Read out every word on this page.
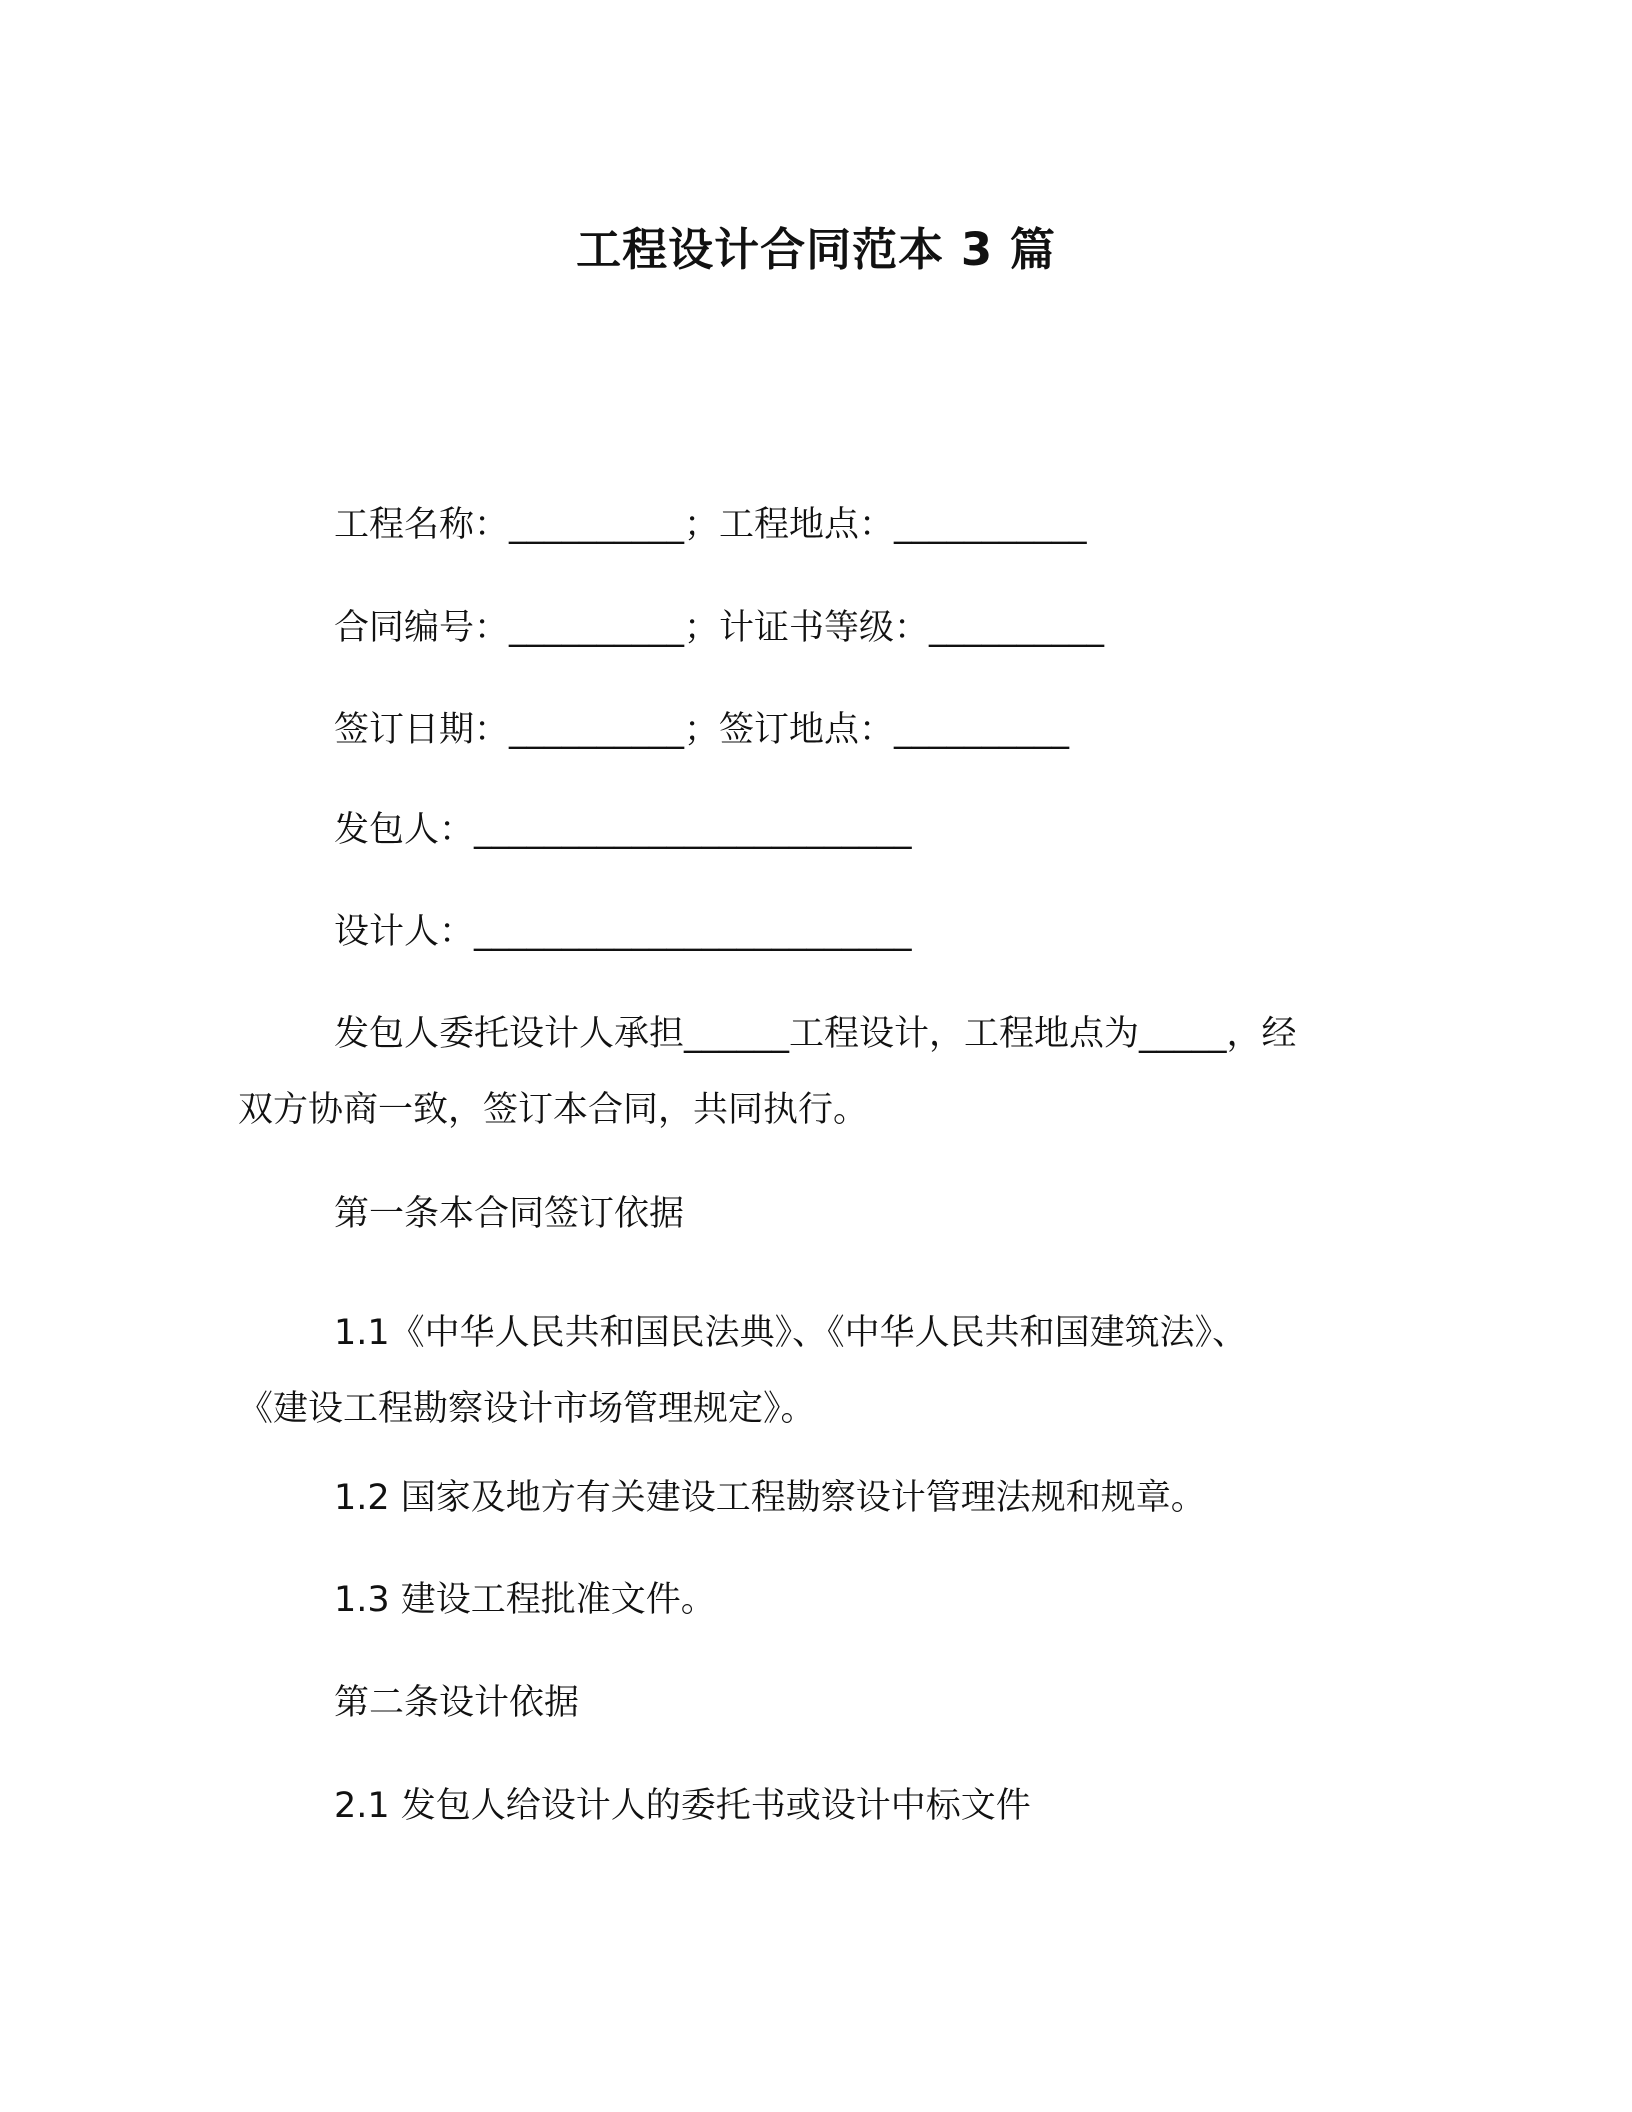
工程设计合同范本 3 篇
工程名称：__________；工程地点：___________
合同编号：__________；计证书等级：__________
签订日期：__________；签订地点：__________
发包人：_________________________
设计人：_________________________
发包人委托设计人承担______工程设计，工程地点为_____，经
双方协商一致，签订本合同，共同执行。
第一条本合同签订依据
1.1《中华人民共和国民法典》、《中华人民共和国建筑法》、
《建设工程勘察设计市场管理规定》。
1.2 国家及地方有关建设工程勘察设计管理法规和规章。
1.3 建设工程批准文件。
第二条设计依据
2.1 发包人给设计人的委托书或设计中标文件
